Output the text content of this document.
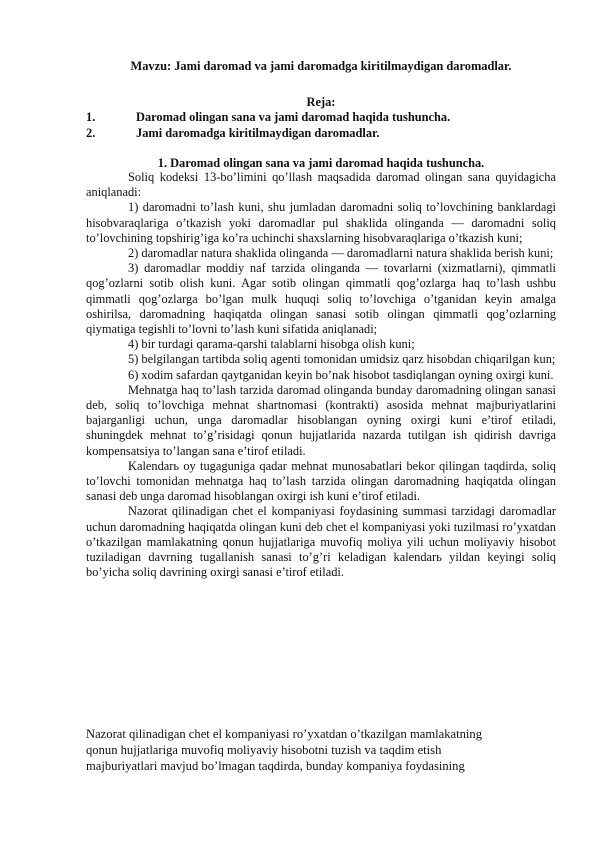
Mavzu: Jami daromad va jami daromadga kiritilmaydigan daromadlar.
Reja:
1.	Daromad olingan sana va jami daromad haqida tushuncha.
2.	Jami daromadga kiritilmaydigan daromadlar.
1. Daromad olingan sana va jami daromad haqida tushuncha.

Soliq kodeksi 13-bo’limini qo’llash maqsadida daromad olingan sana quyidagicha aniqlanadi:

1) daromadni to’lash kuni, shu jumladan daromadni soliq to’lovchining banklardagi hisobvaraqlariga o’tkazish yoki daromadlar pul shaklida olinganda — daromadni soliq to’lovchining topshirig’iga ko’ra uchinchi shaxslarning hisobvaraqlariga o’tkazish kuni;

2) daromadlar natura shaklida olinganda — daromadlarni natura shaklida berish kuni;

3) daromadlar moddiy naf tarzida olinganda — tovarlarni (xizmatlarni), qimmatli qog’ozlarni sotib olish kuni. Agar sotib olingan qimmatli qog’ozlarga haq to’lash ushbu qimmatli qog’ozlarga bo’lgan mulk huquqi soliq to’lovchiga o’tganidan keyin amalga oshirilsa, daromadning haqiqatda olingan sanasi sotib olingan qimmatli qog’ozlarning qiymatiga tegishli to’lovni to’lash kuni sifatida aniqlanadi;

4) bir turdagi qarama-qarshi talablarni hisobga olish kuni;

5) belgilangan tartibda soliq agenti tomonidan umidsiz qarz hisobdan chiqarilgan kun;

6) xodim safardan qaytganidan keyin bo’nak hisobot tasdiqlangan oyning oxirgi kuni.

Mehnatga haq to’lash tarzida daromad olinganda bunday daromadning olingan sanasi deb, soliq to’lovchiga mehnat shartnomasi (kontrakti) asosida mehnat majburiyatlarini bajarganligi uchun, unga daromadlar hisoblangan oyning oxirgi kuni e’tirof etiladi, shuningdek mehnat to’g’risidagi qonun hujjatlarida nazarda tutilgan ish qidirish davriga kompensatsiya to’langan sana e’tirof etiladi.

Kalendarь oy tugaguniga qadar mehnat munosabatlari bekor qilingan taqdirda, soliq to’lovchi tomonidan mehnatga haq to’lash tarzida olingan daromadning haqiqatda olingan sanasi deb unga daromad hisoblangan oxirgi ish kuni e’tirof etiladi.

Nazorat qilinadigan chet el kompaniyasi foydasining summasi tarzidagi daromadlar uchun daromadning haqiqatda olingan kuni deb chet el kompaniyasi yoki tuzilmasi ro’yxatdan o’tkazilgan mamlakatning qonun hujjatlariga muvofiq moliya yili uchun moliyaviy hisobot tuziladigan davrning tugallanish sanasi to’g’ri keladigan kalendarь yildan keyingi soliq bo’yicha soliq davrining oxirgi sanasi e’tirof etiladi.

Nazorat qilinadigan chet el kompaniyasi ro’yxatdan o’tkazilgan mamlakatning

qonun hujjatlariga muvofiq moliyaviy hisobotni tuzish va taqdim etish

majburiyatlari mavjud bo’lmagan taqdirda, bunday kompaniya foydasining
